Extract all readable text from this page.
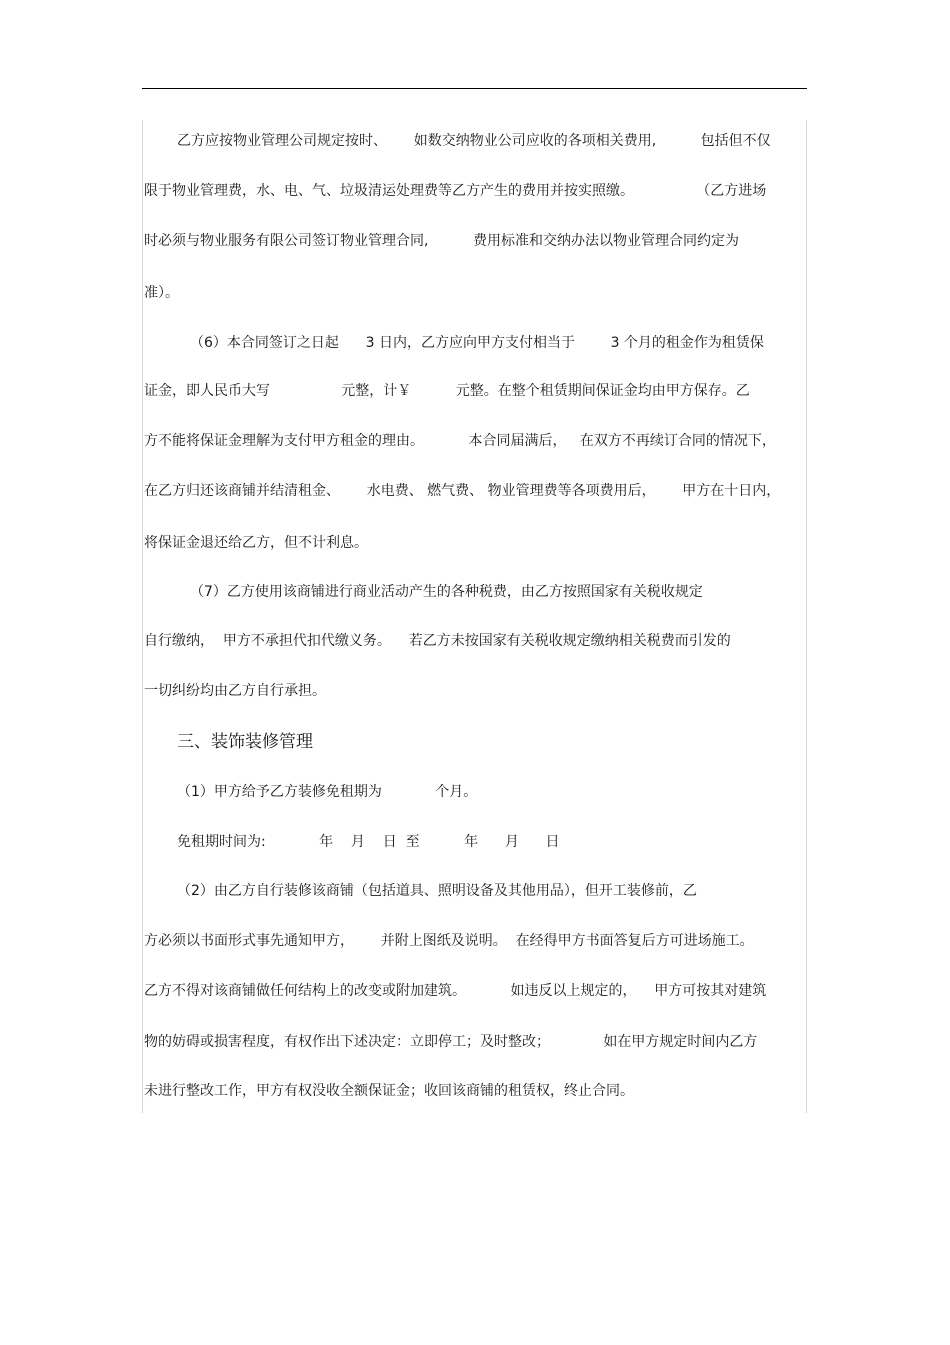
乙方应按物业管理公司规定按时、      如数交纳物业公司应收的各项相关费用,          包括但不仅
限于物业管理费，水、电、气、垃圾清运处理费等乙方产生的费用并按实照缴。              （乙方进场
时必须与物业服务有限公司签订物业管理合同,          费用标准和交纳办法以物业管理合同约定为
准）。
（6）本合同签订之日起      3 日内，乙方应向甲方支付相当于        3 个月的租金作为租赁保
证金，即人民币大写                元整，计￥          元整。在整个租赁期间保证金均由甲方保存。乙
方不能将保证金理解为支付甲方租金的理由。          本合同届满后，   在双方不再续订合同的情况下，
在乙方归还该商铺并结清租金、      水电费、 燃气费、 物业管理费等各项费用后，      甲方在十日内，
将保证金退还给乙方，但不计利息。
（7）乙方使用该商铺进行商业活动产生的各种税费，由乙方按照国家有关税收规定
自行缴纳，  甲方不承担代扣代缴义务。    若乙方未按国家有关税收规定缴纳相关税费而引发的
一切纠纷均由乙方自行承担。
三、装饰装修管理
（1）甲方给予乙方装修免租期为            个月。
免租期时间为:            年    月    日  至          年      月      日
（2）由乙方自行装修该商铺（包括道具、照明设备及其他用品），但开工装修前，乙
方必须以书面形式事先通知甲方，      并附上图纸及说明。  在经得甲方书面答复后方可进场施工。
乙方不得对该商铺做任何结构上的改变或附加建筑。          如违反以上规定的，    甲方可按其对建筑
物的妨碍或损害程度，有权作出下述决定：立即停工；及时整改；            如在甲方规定时间内乙方
未进行整改工作，甲方有权没收全额保证金；收回该商铺的租赁权，终止合同。
